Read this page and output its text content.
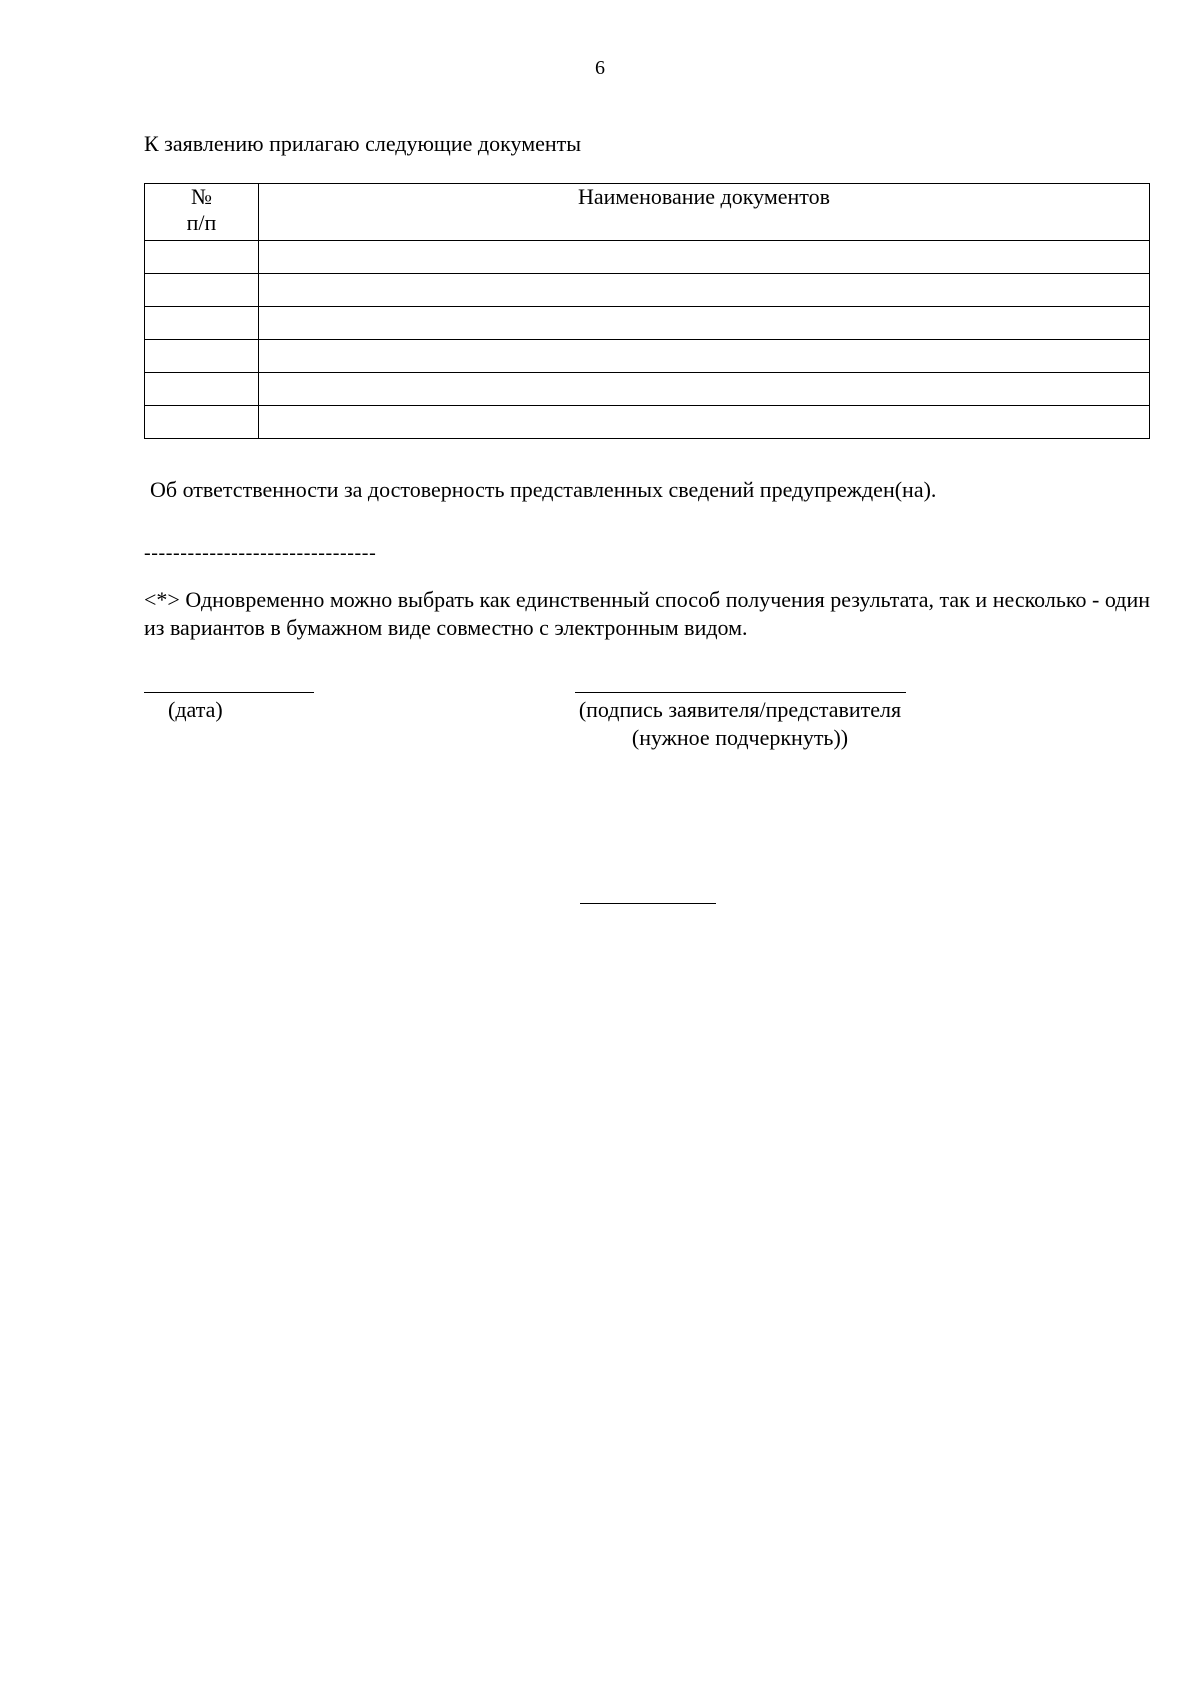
6
К заявлению прилагаю следующие документы
№
п/п	Наименование документов

Об ответственности за достоверность представленных сведений предупрежден(на).
--------------------------------
<*> Одновременно можно выбрать как единственный способ получения результата, так и несколько - один из вариантов в бумажном виде совместно с электронным видом.
(дата)	(подпись заявителя/представителя
(нужное подчеркнуть))
